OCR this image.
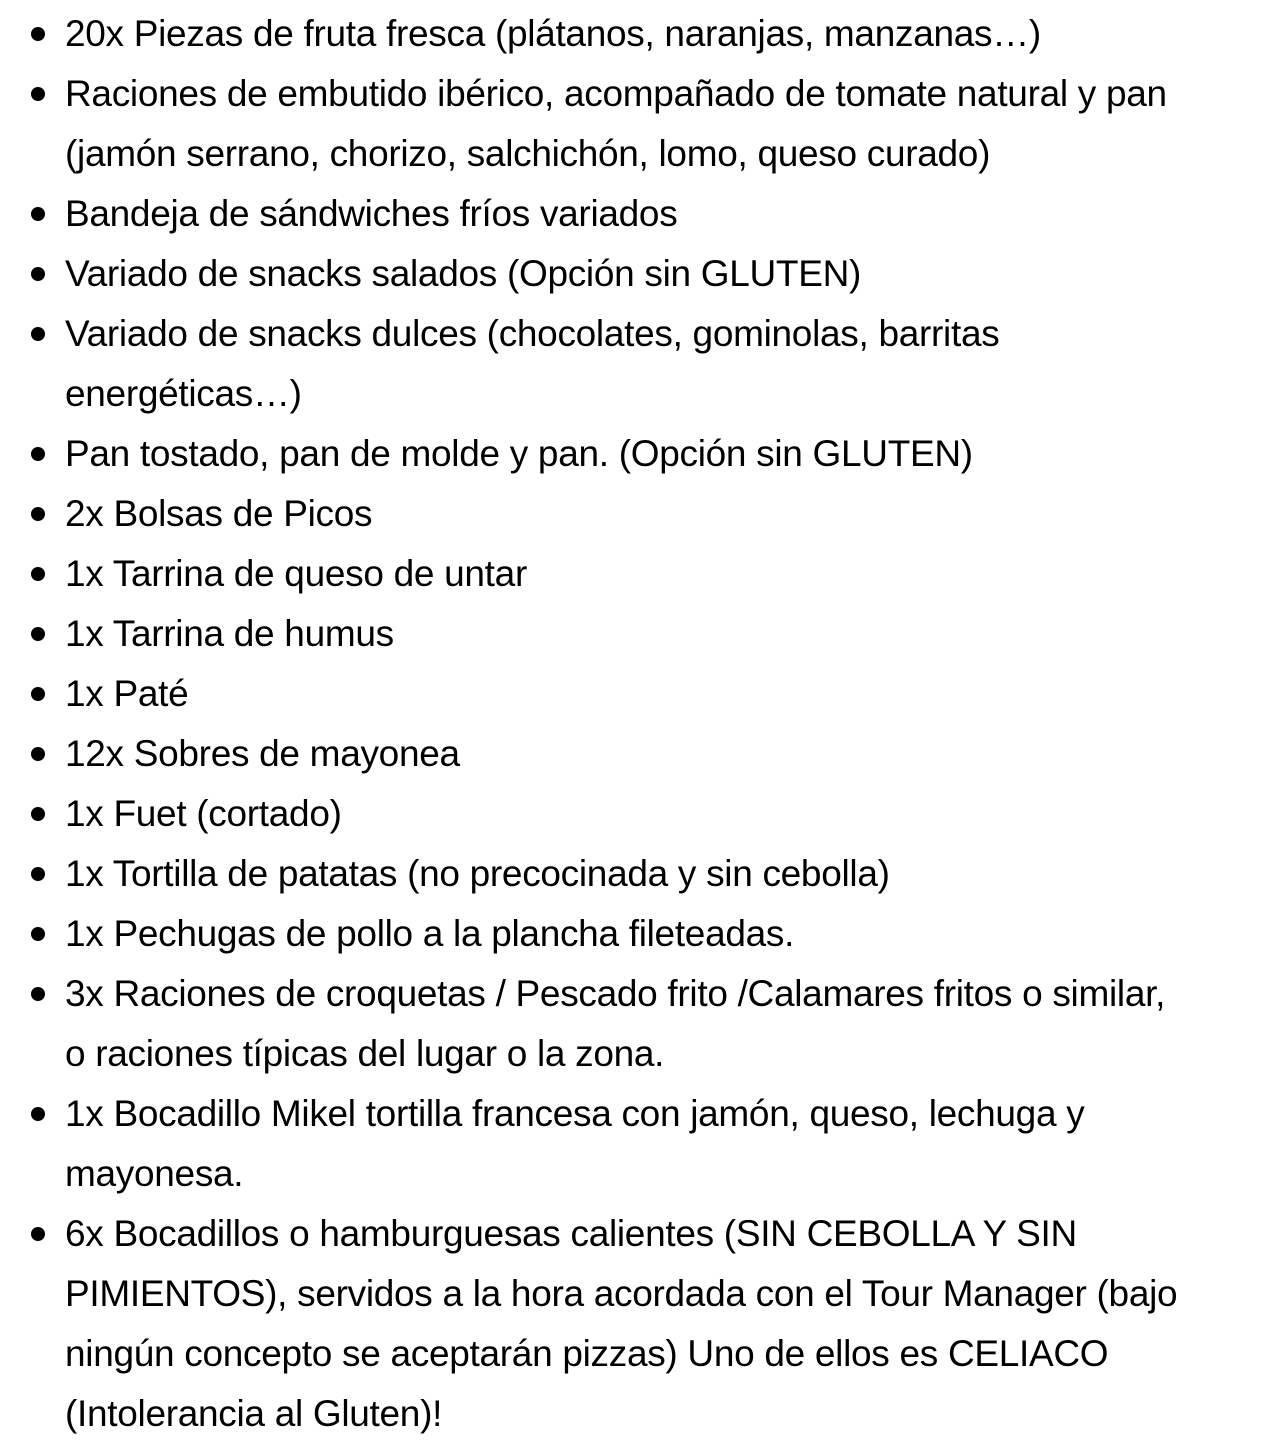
20x Piezas de fruta fresca (plátanos, naranjas, manzanas…)
Raciones de embutido ibérico, acompañado de tomate natural y pan
(jamón serrano, chorizo, salchichón, lomo, queso curado)
Bandeja de sándwiches fríos variados
Variado de snacks salados (Opción sin GLUTEN)
Variado de snacks dulces (chocolates, gominolas, barritas
energéticas…)
Pan tostado, pan de molde y pan. (Opción sin GLUTEN)
2x Bolsas de Picos
1x Tarrina de queso de untar
1x Tarrina de humus
1x Paté
12x Sobres de mayonea
1x Fuet (cortado)
1x Tortilla de patatas (no precocinada y sin cebolla)
1x Pechugas de pollo a la plancha fileteadas.
3x Raciones de croquetas / Pescado frito /Calamares fritos o similar,
o raciones típicas del lugar o la zona.
1x Bocadillo Mikel tortilla francesa con jamón, queso, lechuga y
mayonesa.
6x Bocadillos o hamburguesas calientes (SIN CEBOLLA Y SIN
PIMIENTOS), servidos a la hora acordada con el Tour Manager (bajo
ningún concepto se aceptarán pizzas) Uno de ellos es CELIACO
(Intolerancia al Gluten)!
